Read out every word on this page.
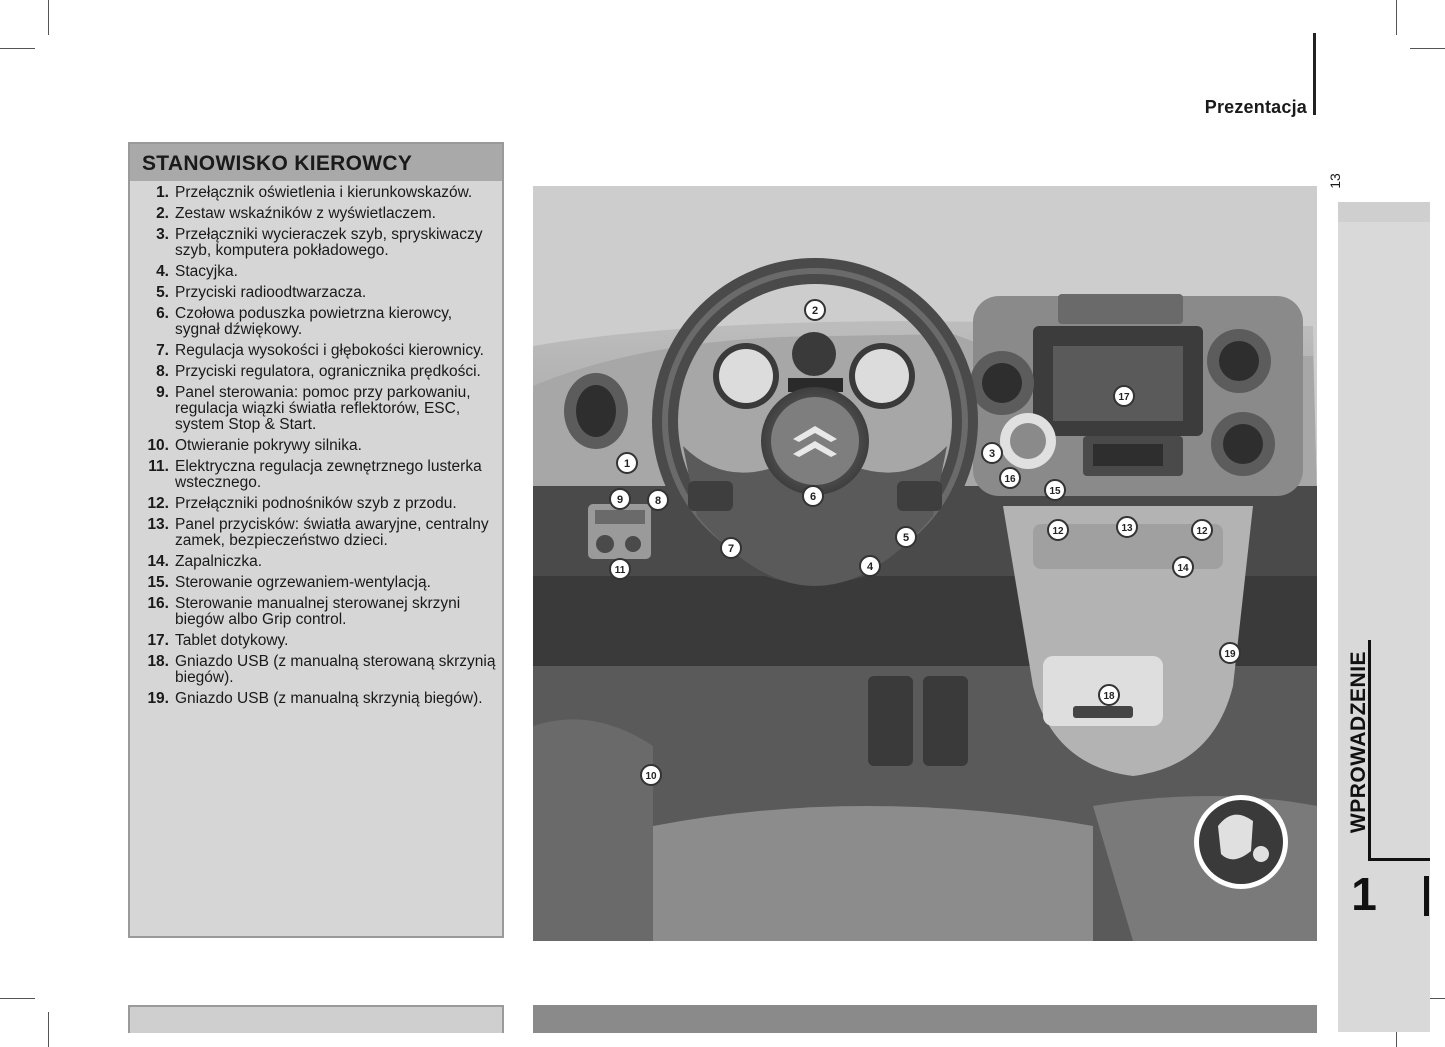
Prezentacja
13
WPROWADZENIE
1
STANOWISKO KIEROWCY
1. Przełącznik oświetlenia i kierunkowskazów.
2. Zestaw wskaźników z wyświetlaczem.
3. Przełączniki wycieraczek szyb, spryskiwaczy szyb, komputera pokładowego.
4. Stacyjka.
5. Przyciski radioodtwarzacza.
6. Czołowa poduszka powietrzna kierowcy, sygnał dźwiękowy.
7. Regulacja wysokości i głębokości kierownicy.
8. Przyciski regulatora, ogranicznika prędkości.
9. Panel sterowania: pomoc przy parkowaniu, regulacja wiązki światła reflektorów, ESC, system Stop & Start.
10. Otwieranie pokrywy silnika.
11. Elektryczna regulacja zewnętrznego lusterka wstecznego.
12. Przełączniki podnośników szyb z przodu.
13. Panel przycisków: światła awaryjne, centralny zamek, bezpieczeństwo dzieci.
14. Zapalniczka.
15. Sterowanie ogrzewaniem-wentylacją.
16. Sterowanie manualnej sterowanej skrzyni biegów albo Grip control.
17. Tablet dotykowy.
18. Gniazdo USB (z manualną sterowaną skrzynią biegów).
19. Gniazdo USB (z manualną skrzynią biegów).
1
2
3
4
5
6
7
8
9
10
11
12	12
13
14
15
16
17
18
19
